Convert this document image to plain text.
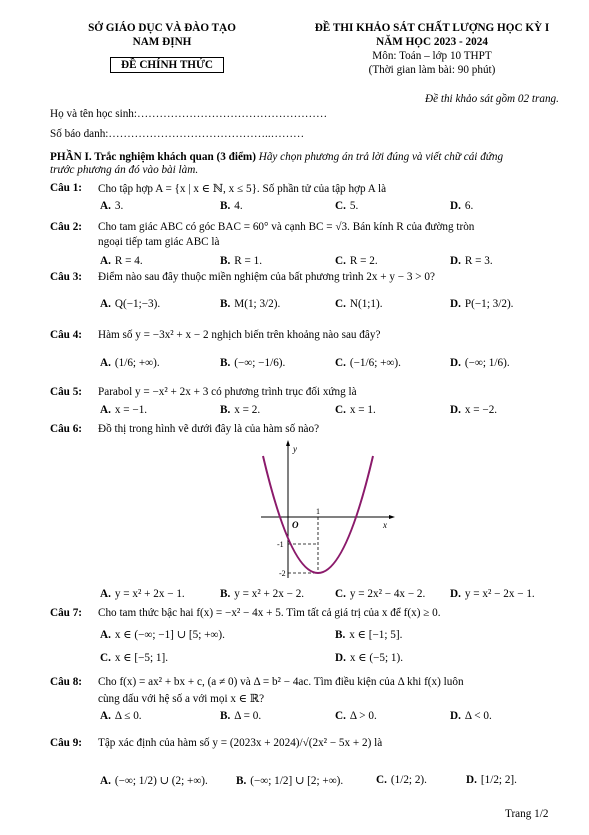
SỞ GIÁO DỤC VÀ ĐÀO TẠO
NAM ĐỊNH
ĐỀ CHÍNH THỨC
ĐỀ THI KHẢO SÁT CHẤT LƯỢNG HỌC KỲ I
NĂM HỌC 2023 - 2024
Môn: Toán – lớp 10 THPT
(Thời gian làm bài: 90 phút)
Đề thi khảo sát gồm 02 trang.
Họ và tên học sinh:……………………………………………
Số báo danh:……………………………………..………
PHẦN I. Trắc nghiệm khách quan (3 điểm) Hãy chọn phương án trả lời đúng và viết chữ cái đứng
trước phương án đó vào bài làm.
Câu 1: Cho tập hợp A = {x | x ∈ ℕ, x ≤ 5}. Số phần tử của tập hợp A là
A. 3.	B. 4.	C. 5.	D. 6.
Câu 2: Cho tam giác ABC có góc BAC = 60° và cạnh BC = √3. Bán kính R của đường tròn
ngoại tiếp tam giác ABC là
A. R = 4.	B. R = 1.	C. R = 2.	D. R = 3.
Câu 3: Điểm nào sau đây thuộc miền nghiệm của bất phương trình 2x + y − 3 > 0?
A. Q(−1;−3).	B. M(1; 3/2).	C. N(1;1).	D. P(−1; 3/2).
Câu 4: Hàm số y = −3x² + x − 2 nghịch biến trên khoảng nào sau đây?
A. (1/6; +∞).	B. (−∞; −1/6).	C. (−1/6; +∞).	D. (−∞; 1/6).
Câu 5: Parabol y = −x² + 2x + 3 có phương trình trục đối xứng là
A. x = −1.	B. x = 2.	C. x = 1.	D. x = −2.
Câu 6: Đồ thị trong hình vẽ dưới đây là của hàm số nào?
y
x
O
1
-1
-2
A. y = x² + 2x − 1.	B. y = x² + 2x − 2.	C. y = 2x² − 4x − 2. D. y = x² − 2x − 1.
Câu 7: Cho tam thức bậc hai f(x) = −x² − 4x + 5. Tìm tất cả giá trị của x để f(x) ≥ 0.
A. x ∈ (−∞; −1] ∪ [5; +∞).	B. x ∈ [−1; 5].
C. x ∈ [−5; 1].	D. x ∈ (−5; 1).
Câu 8: Cho f(x) = ax² + bx + c, (a ≠ 0) và Δ = b² − 4ac. Tìm điều kiện của Δ khi f(x) luôn
cùng dấu với hệ số a với mọi x ∈ ℝ?
A. Δ ≤ 0.	B. Δ = 0.	C. Δ > 0.	D. Δ < 0.
Câu 9: Tập xác định của hàm số y = (2023x + 2024)/√(2x² − 5x + 2) là
A. (−∞; 1/2) ∪ (2; +∞).	B. (−∞; 1/2] ∪ [2; +∞).	C. (1/2; 2).	D. [1/2; 2].
Trang 1/2
